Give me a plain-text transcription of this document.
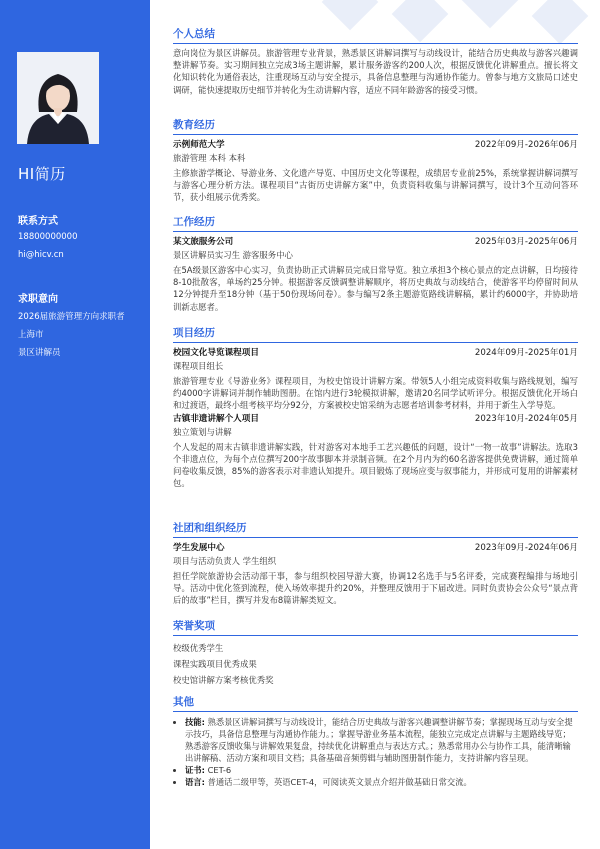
HI简历
联系方式
18800000000
hi@hicv.cn
求职意向
2026届旅游管理方向求职者
上海市
景区讲解员
个人总结
意向岗位为景区讲解员。旅游管理专业背景，熟悉景区讲解词撰写与动线设计，能结合历史典故与游客兴趣调整讲解节奏。实习期间独立完成3场主题讲解，累计服务游客约200人次，根据反馈优化讲解重点。擅长将文化知识转化为通俗表达，注重现场互动与安全提示，具备信息整理与沟通协作能力。曾参与地方文旅局口述史调研，能快速提取历史细节并转化为生动讲解内容，适应不同年龄游客的接受习惯。
教育经历
示例师范大学	2022年09月-2026年06月
旅游管理 本科 本科
主修旅游学概论、导游业务、文化遗产导览、中国历史文化等课程，成绩居专业前25%，系统掌握讲解词撰写与游客心理分析方法。课程项目“古街历史讲解方案”中，负责资料收集与讲解词撰写，设计3个互动问答环节，获小组展示优秀奖。
工作经历
某文旅服务公司	2025年03月-2025年06月
景区讲解员实习生 游客服务中心
在5A级景区游客中心实习，负责协助正式讲解员完成日常导览。独立承担3个核心景点的定点讲解，日均接待8-10批散客，单场约25分钟。根据游客反馈调整讲解顺序，将历史典故与动线结合，使游客平均停留时间从12分钟提升至18分钟（基于50份现场问卷）。参与编写2条主题游览路线讲解稿，累计约6000字，并协助培训新志愿者。
项目经历
校园文化导览课程项目	2024年09月-2025年01月
课程项目组长
旅游管理专业《导游业务》课程项目，为校史馆设计讲解方案。带领5人小组完成资料收集与路线规划，编写约4000字讲解词并制作辅助图册。在馆内进行3轮模拟讲解，邀请20名同学试听评分。根据反馈优化开场白和过渡语，最终小组考核平均分92分，方案被校史馆采纳为志愿者培训参考材料，并用于新生入学导览。
古镇非遗讲解个人项目	2023年10月-2024年05月
独立策划与讲解
个人发起的周末古镇非遗讲解实践，针对游客对本地手工艺兴趣低的问题，设计“一物一故事”讲解法。选取3个非遗点位，为每个点位撰写200字故事脚本并录制音频。在2个月内为约60名游客提供免费讲解，通过简单问卷收集反馈，85%的游客表示对非遗认知提升。项目锻炼了现场应变与叙事能力，并形成可复用的讲解素材包。
社团和组织经历
学生发展中心	2023年09月-2024年06月
项目与活动负责人 学生组织
担任学院旅游协会活动部干事，参与组织校园导游大赛，协调12名选手与5名评委，完成赛程编排与场地引导。活动中优化签到流程，使入场效率提升约20%，并整理反馈用于下届改进。同时负责协会公众号“景点背后的故事”栏目，撰写并发布8篇讲解类短文。
荣誉奖项
校级优秀学生
课程实践项目优秀成果
校史馆讲解方案考核优秀奖
其他
• 技能: 熟悉景区讲解词撰写与动线设计，能结合历史典故与游客兴趣调整讲解节奏；掌握现场互动与安全提示技巧，具备信息整理与沟通协作能力。；掌握导游业务基本流程，能独立完成定点讲解与主题路线导览；熟悉游客反馈收集与讲解效果复盘，持续优化讲解重点与表达方式。；熟悉常用办公与协作工具，能清晰输出讲解稿、活动方案和项目文档；具备基础音频剪辑与辅助图册制作能力，支持讲解内容呈现。
• 证书: CET-6
• 语言: 普通话二级甲等，英语CET-4，可阅读英文景点介绍并做基础日常交流。
